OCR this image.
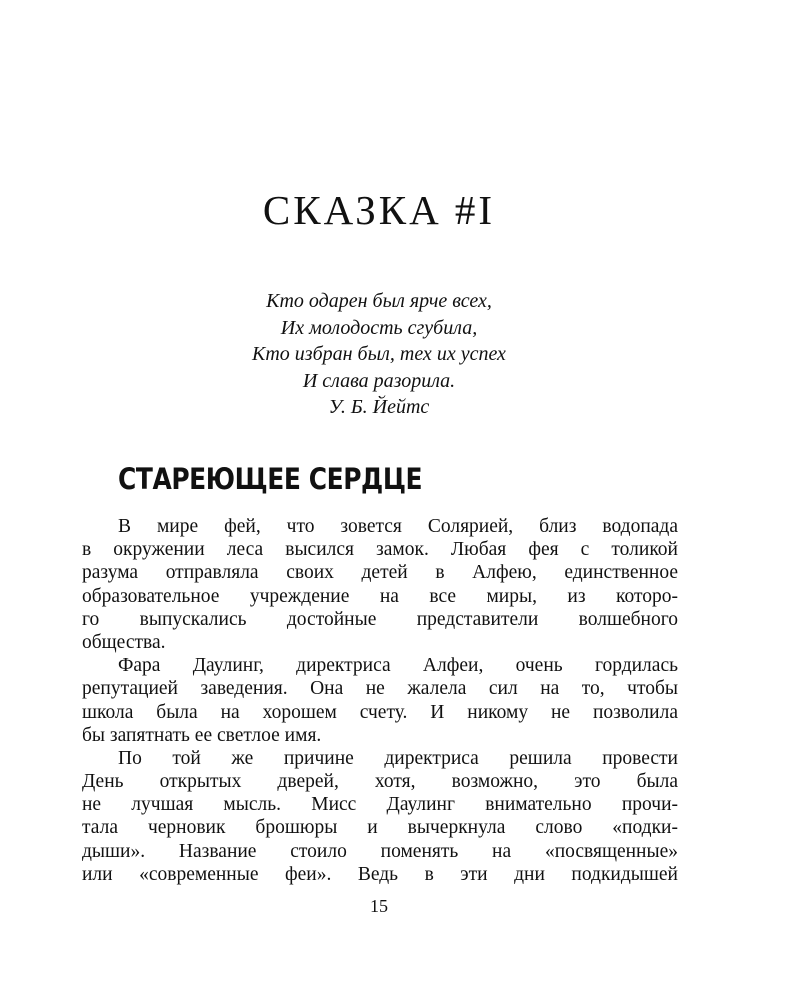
СКАЗКА #I
Кто одарен был ярче всех,
Их молодость сгубила,
Кто избран был, тех их успех
И слава разорила.
У. Б. Йейтс
СТАРЕЮЩЕЕ СЕРДЦЕ
В мире фей, что зовется Солярией, близ водопада
в окружении леса высился замок. Любая фея с толикой
разума отправляла своих детей в Алфею, единственное
образовательное учреждение на все миры, из которо-
го выпускались достойные представители волшебного
общества.
Фара Даулинг, директриса Алфеи, очень гордилась
репутацией заведения. Она не жалела сил на то, чтобы
школа была на хорошем счету. И никому не позволила
бы запятнать ее светлое имя.
По той же причине директриса решила провести
День открытых дверей, хотя, возможно, это была
не лучшая мысль. Мисс Даулинг внимательно прочи-
тала черновик брошюры и вычеркнула слово «подки-
дыши». Название стоило поменять на «посвященные»
или «современные феи». Ведь в эти дни подкидышей
15
